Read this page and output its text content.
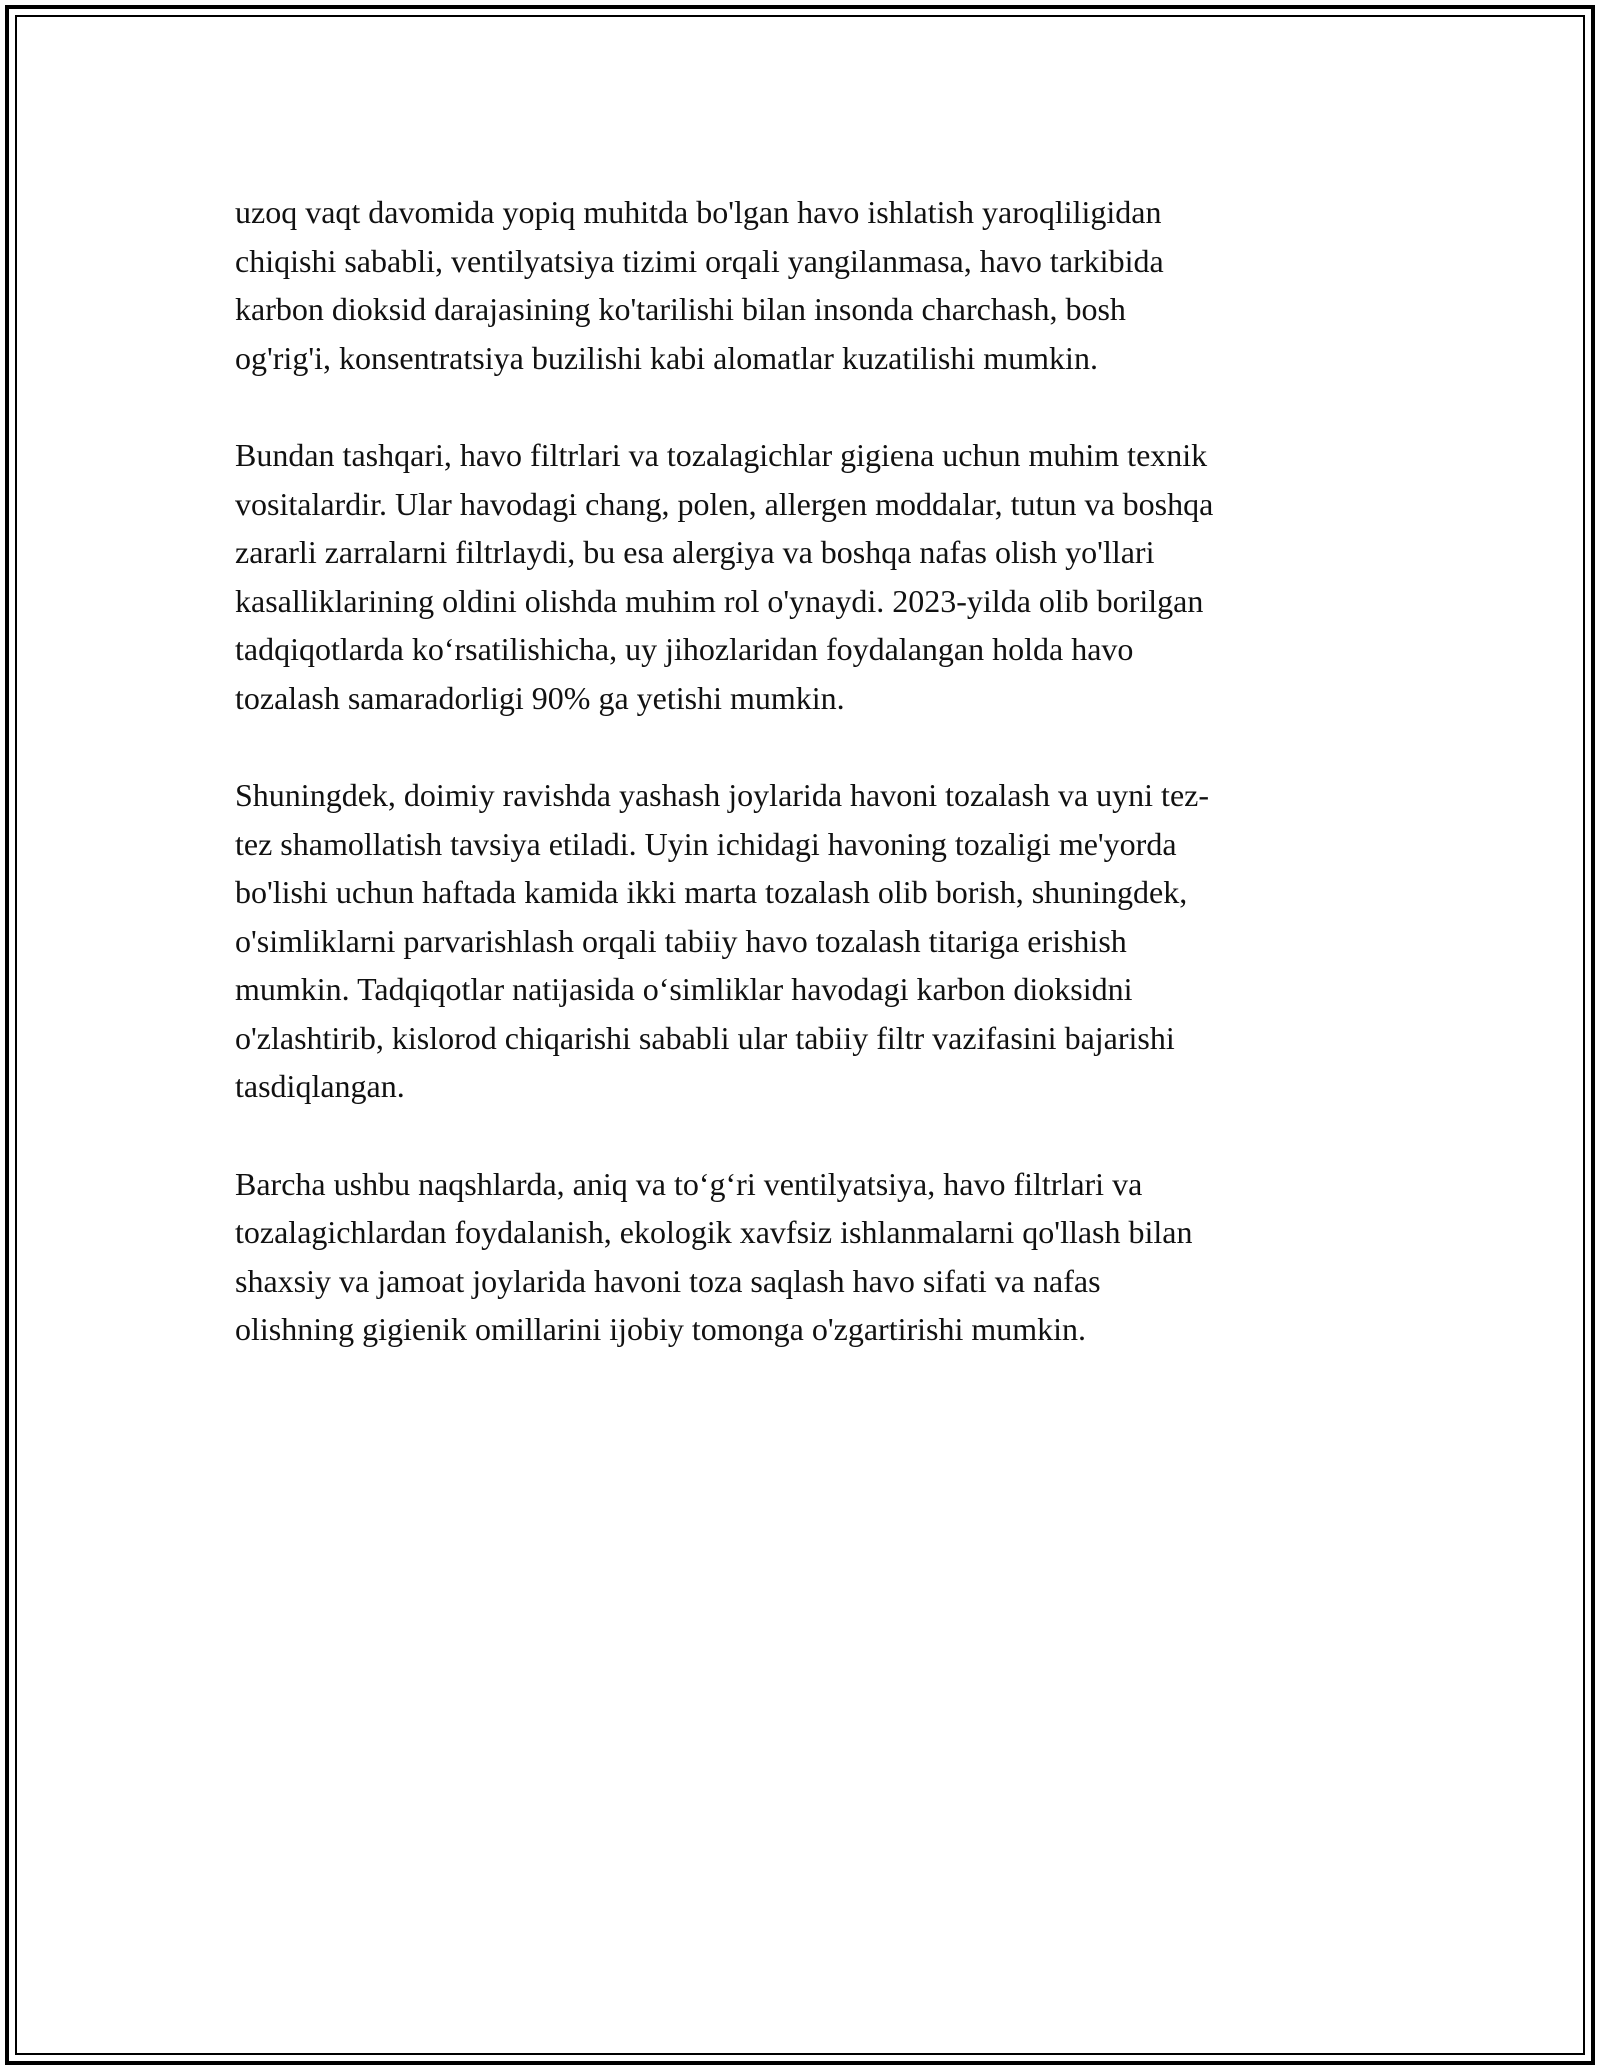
uzoq vaqt davomida yopiq muhitda bo'lgan havo ishlatish yaroqliligidan
chiqishi sababli, ventilyatsiya tizimi orqali yangilanmasa, havo tarkibida
karbon dioksid darajasining ko'tarilishi bilan insonda charchash, bosh
og'rig'i, konsentratsiya buzilishi kabi alomatlar kuzatilishi mumkin.

Bundan tashqari, havo filtrlari va tozalagichlar gigiena uchun muhim texnik
vositalardir. Ular havodagi chang, polen, allergen moddalar, tutun va boshqa
zararli zarralarni filtrlaydi, bu esa alergiya va boshqa nafas olish yo'llari
kasalliklarining oldini olishda muhim rol o'ynaydi. 2023-yilda olib borilgan
tadqiqotlarda ko‘rsatilishicha, uy jihozlaridan foydalangan holda havo
tozalash samaradorligi 90% ga yetishi mumkin.

Shuningdek, doimiy ravishda yashash joylarida havoni tozalash va uyni tez-
tez shamollatish tavsiya etiladi. Uyin ichidagi havoning tozaligi me'yorda
bo'lishi uchun haftada kamida ikki marta tozalash olib borish, shuningdek,
o'simliklarni parvarishlash orqali tabiiy havo tozalash titariga erishish
mumkin. Tadqiqotlar natijasida o‘simliklar havodagi karbon dioksidni
o'zlashtirib, kislorod chiqarishi sababli ular tabiiy filtr vazifasini bajarishi
tasdiqlangan.

Barcha ushbu naqshlarda, aniq va to‘g‘ri ventilyatsiya, havo filtrlari va
tozalagichlardan foydalanish, ekologik xavfsiz ishlanmalarni qo'llash bilan
shaxsiy va jamoat joylarida havoni toza saqlash havo sifati va nafas
olishning gigienik omillarini ijobiy tomonga o'zgartirishi mumkin.
